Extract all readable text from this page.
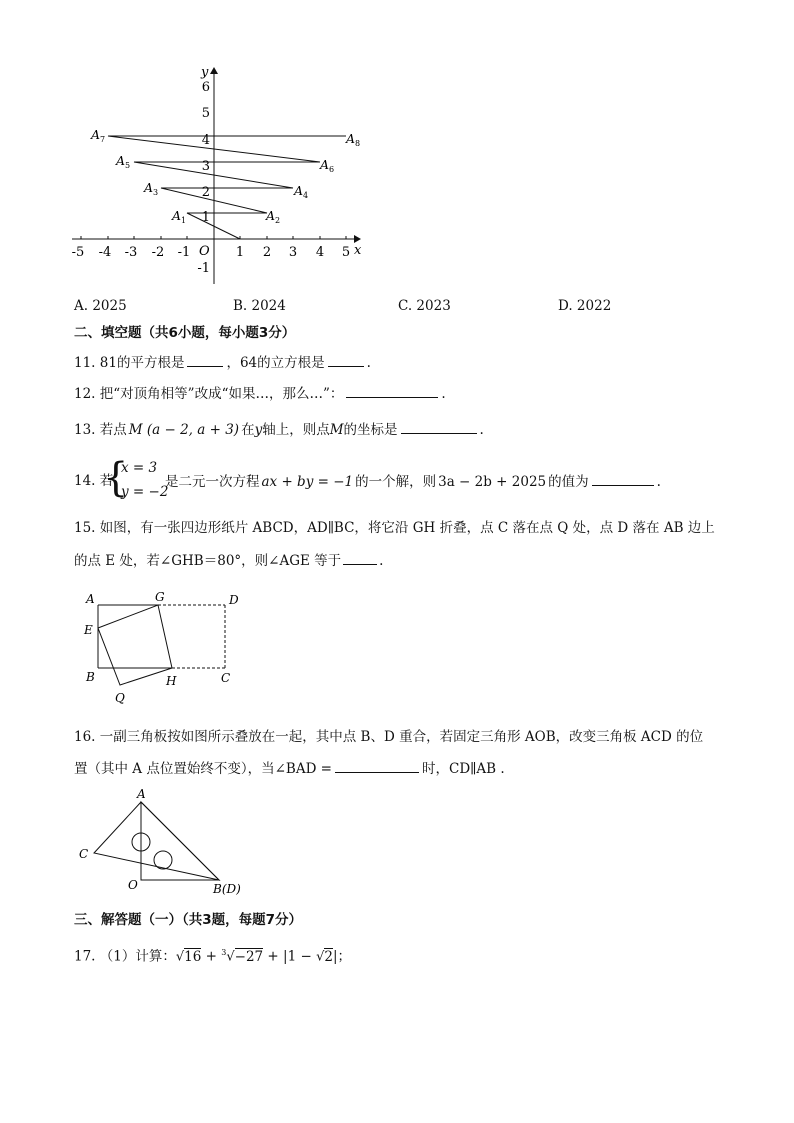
x
y
O
-5 -4 -3 -2 -1	1 2 3 4 5
6
5
4
3
2
1
-1
$A_1$	$A_2$
$A_3$	$A_4$
$A_5$	$A_6$
$A_7$	$A_8$
A. 2025	B. 2024	C. 2023	D. 2022
二、填空题（共6小题，每小题3分）
11. 81的平方根是	，64的立方根是	.
12. 把“对顶角相等”改成“如果…，那么…”：	.
13. 若点 M (a − 2, a + 3) 在y轴上，则点M的坐标是	.
14. 若
{
x = 3
y = −2
是二元一次方程 ax + by = −1 的一个解，则 3a − 2b + 2025 的值为	.
15. 如图，有一张四边形纸片 ABCD，AD∥BC，将它沿 GH 折叠，点 C 落在点 Q 处，点 D 落在 AB 边上
的点 E 处，若∠GHB＝80°，则∠AGE 等于	.
A	G	D
E
B	H	C
Q
16. 一副三角板按如图所示叠放在一起，其中点 B、D 重合，若固定三角形 AOB，改变三角板 ACD 的位
置（其中 A 点位置始终不变），当∠BAD =	时，CD∥AB .
A
C
O	B(D)
三、解答题（一）（共3题，每题7分）
17. （1）计算：√16 + $^3$√−27 + |1 − √2|；
